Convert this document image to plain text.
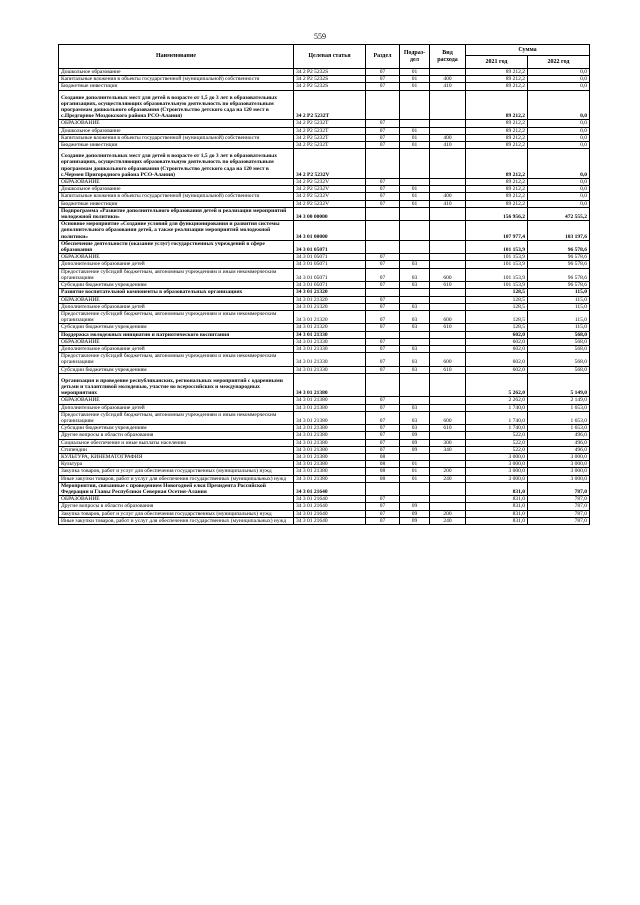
559
Наименование	Целевая статья	Раздел	Подраз-
дел	Вид
расхода	Сумма	
					2021 год	2022 год
Дошкольное образование	34 2 P2 5232S	07	01		89 212,2	0,0
Капитальные вложения в объекты государственной (муниципальной) собственности	34 2 P2 5232S	07	01	400	89 212,2	0,0
Бюджетные инвестиции	34 2 P2 5232S	07	01	410	89 212,2	0,0
Создание дополнительных мест для детей в возрасте от 1,5 до 3 лет в образовательных организациях, осуществляющих образовательную деятельность по образовательным программам дошкольного образования (Строительство детского сада на 120 мест в с.Предгорное Моздокского района РСО-Алания)	34 2 P2 5232T				89 212,2	0,0
ОБРАЗОВАНИЕ	34 2 P2 5232T	07			89 212,2	0,0
Дошкольное образование	34 2 P2 5232T	07	01		89 212,2	0,0
Капитальные вложения в объекты государственной (муниципальной) собственности	34 2 P2 5232T	07	01	400	89 212,2	0,0
Бюджетные инвестиции	34 2 P2 5232T	07	01	410	89 212,2	0,0
Создание дополнительных мест для детей в возрасте от 1,5 до 3 лет в образовательных организациях, осуществляющих образовательную деятельность по образовательным программам дошкольного образования (Строительство детского сада на 120 мест в с.Чермен Пригородного района РСО-Алания)	34 2 P2 5232V				89 212,2	0,0
ОБРАЗОВАНИЕ	34 2 P2 5232V	07			89 212,2	0,0
Дошкольное образование	34 2 P2 5232V	07	01		89 212,2	0,0
Капитальные вложения в объекты государственной (муниципальной) собственности	34 2 P2 5232V	07	01	400	89 212,2	0,0
Бюджетные инвестиции	34 2 P2 5232V	07	01	410	89 212,2	0,0
Подпрограмма «Развитие дополнительного образования детей и реализация мероприятий молодежной политики»	34 3 00 00000				156 956,2	472 555,2
Основное мероприятие «Создание условий для функционирования и развития системы дополнительного образования детей, а также реализации мероприятий молодежной политики»	34 3 01 00000				107 977,4	103 197,6
Обеспечение деятельности (оказание услуг) государственных учреждений в сфере образования	34 3 01 05071				101 153,9	96 578,6
ОБРАЗОВАНИЕ	34 3 01 05071	07			101 153,9	96 578,6
Дополнительное образование детей	34 3 01 05071	07	03		101 153,9	96 578,6
Предоставление субсидий бюджетным, автономным учреждениям и иным некоммерческим организациям	34 3 01 05071	07	03	600	101 153,9	96 578,6
Субсидии бюджетным учреждениям	34 3 01 05071	07	03	610	101 153,9	96 578,6
Развитие воспитательной компоненты в образовательных организациях	34 3 01 21320				128,5	115,0
ОБРАЗОВАНИЕ	34 3 01 21320	07			128,5	115,0
Дополнительное образование детей	34 3 01 21320	07	03		128,5	115,0
Предоставление субсидий бюджетным, автономным учреждениям и иным некоммерческим организациям	34 3 01 21320	07	03	600	128,5	115,0
Субсидии бюджетным учреждениям	34 3 01 21320	07	03	610	128,5	115,0
Поддержка молодежных инициатив и патриотического воспитания	34 3 01 21330				602,0	568,0
ОБРАЗОВАНИЕ	34 3 01 21330	07			602,0	568,0
Дополнительное образование детей	34 3 01 21330	07	03		602,0	568,0
Предоставление субсидий бюджетным, автономным учреждениям и иным некоммерческим организациям	34 3 01 21330	07	03	600	602,0	568,0
Субсидии бюджетным учреждениям	34 3 01 21330	07	03	610	602,0	568,0
Организация и проведение республиканских, региональных мероприятий с одаренными детьми и талантливой молодежью, участие во всероссийских и международных мероприятиях	34 3 01 21380				5 262,0	5 149,0
ОБРАЗОВАНИЕ	34 3 01 21380	07			2 262,0	2 149,0
Дополнительное образование детей	34 3 01 21380	07	03		1 740,0	1 653,0
Предоставление субсидий бюджетным, автономным учреждениям и иным некоммерческим организациям	34 3 01 21380	07	03	600	1 740,0	1 653,0
Субсидии бюджетным учреждениям	34 3 01 21380	07	03	610	1 740,0	1 653,0
Другие вопросы в области образования	34 3 01 21380	07	09		522,0	496,0
Социальное обеспечение и иные выплаты населению	34 3 01 21380	07	09	300	522,0	496,0
Стипендии	34 3 01 21380	07	09	340	522,0	496,0
КУЛЬТУРА, КИНЕМАТОГРАФИЯ	34 3 01 21380	08			3 000,0	3 000,0
Культура	34 3 01 21380	08	01		3 000,0	3 000,0
Закупка товаров, работ и услуг для обеспечения государственных (муниципальных) нужд	34 3 01 21380	08	01	200	3 000,0	3 000,0
Иные закупки товаров, работ и услуг для обеспечения государственных (муниципальных) нужд	34 3 01 21380	08	01	240	3 000,0	3 000,0
Мероприятия, связанные с проведением Новогодней елки Президента Российской Федерации и Главы Республики Северная Осетия-Алания	34 3 01 21640				831,0	787,0
ОБРАЗОВАНИЕ	34 3 01 21640	07			831,0	787,0
Другие вопросы в области образования	34 3 01 21640	07	09		831,0	787,0
Закупка товаров, работ и услуг для обеспечения государственных (муниципальных) нужд	34 3 01 21640	07	09	200	831,0	787,0
Иные закупки товаров, работ и услуг для обеспечения государственных (муниципальных) нужд	34 3 01 21640	07	09	240	831,0	787,0
